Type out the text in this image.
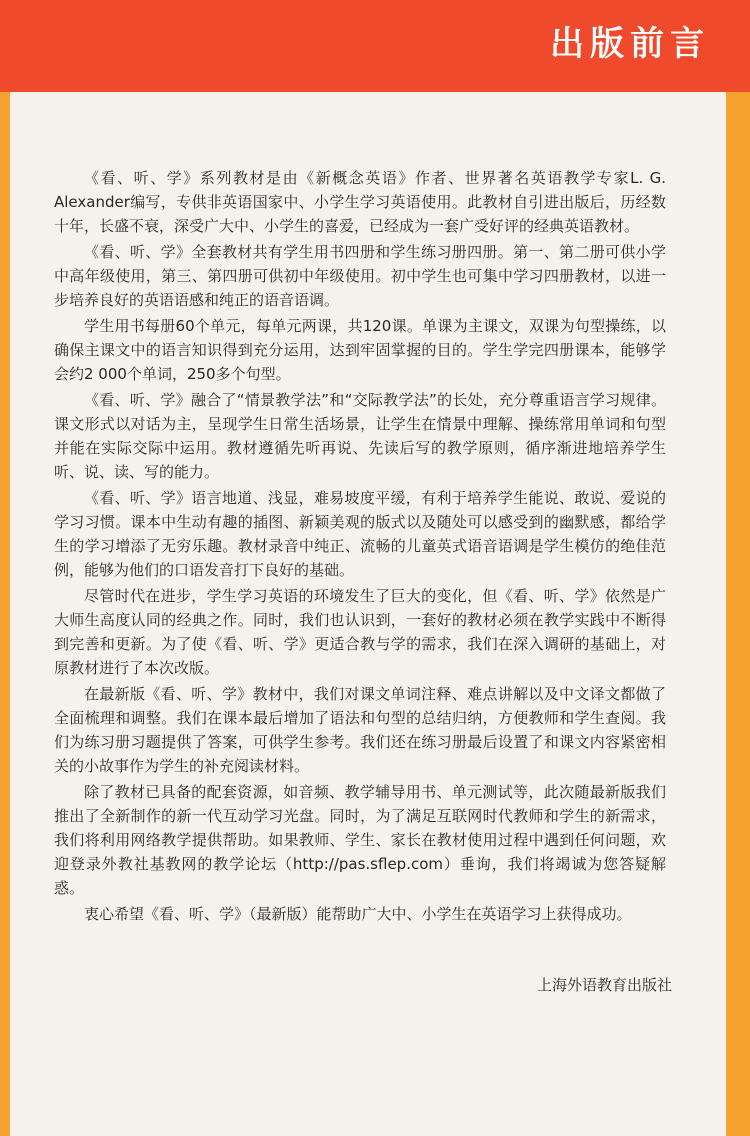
出版前言

《看、听、学》系列教材是由《新概念英语》作者、世界著名英语教学专家L. G. Alexander编写，专供非英语国家中、小学生学习英语使用。此教材自引进出版后，历经数十年，长盛不衰，深受广大中、小学生的喜爱，已经成为一套广受好评的经典英语教材。

《看、听、学》全套教材共有学生用书四册和学生练习册四册。第一、第二册可供小学中高年级使用，第三、第四册可供初中年级使用。初中学生也可集中学习四册教材，以进一步培养良好的英语语感和纯正的语音语调。

学生用书每册60个单元，每单元两课，共120课。单课为主课文，双课为句型操练，以确保主课文中的语言知识得到充分运用，达到牢固掌握的目的。学生学完四册课本，能够学会约2 000个单词，250多个句型。

《看、听、学》融合了“情景教学法”和“交际教学法”的长处，充分尊重语言学习规律。课文形式以对话为主，呈现学生日常生活场景，让学生在情景中理解、操练常用单词和句型并能在实际交际中运用。教材遵循先听再说、先读后写的教学原则，循序渐进地培养学生听、说、读、写的能力。

《看、听、学》语言地道、浅显，难易坡度平缓，有利于培养学生能说、敢说、爱说的学习习惯。课本中生动有趣的插图、新颖美观的版式以及随处可以感受到的幽默感，都给学生的学习增添了无穷乐趣。教材录音中纯正、流畅的儿童英式语音语调是学生模仿的绝佳范例，能够为他们的口语发音打下良好的基础。

尽管时代在进步，学生学习英语的环境发生了巨大的变化，但《看、听、学》依然是广大师生高度认同的经典之作。同时，我们也认识到，一套好的教材必须在教学实践中不断得到完善和更新。为了使《看、听、学》更适合教与学的需求，我们在深入调研的基础上，对原教材进行了本次改版。

在最新版《看、听、学》教材中，我们对课文单词注释、难点讲解以及中文译文都做了全面梳理和调整。我们在课本最后增加了语法和句型的总结归纳，方便教师和学生查阅。我们为练习册习题提供了答案，可供学生参考。我们还在练习册最后设置了和课文内容紧密相关的小故事作为学生的补充阅读材料。

除了教材已具备的配套资源，如音频、教学辅导用书、单元测试等，此次随最新版我们推出了全新制作的新一代互动学习光盘。同时，为了满足互联网时代教师和学生的新需求，我们将利用网络教学提供帮助。如果教师、学生、家长在教材使用过程中遇到任何问题，欢迎登录外教社基教网的教学论坛（http://pas.sflep.com）垂询，我们将竭诚为您答疑解惑。

衷心希望《看、听、学》（最新版）能帮助广大中、小学生在英语学习上获得成功。

上海外语教育出版社
